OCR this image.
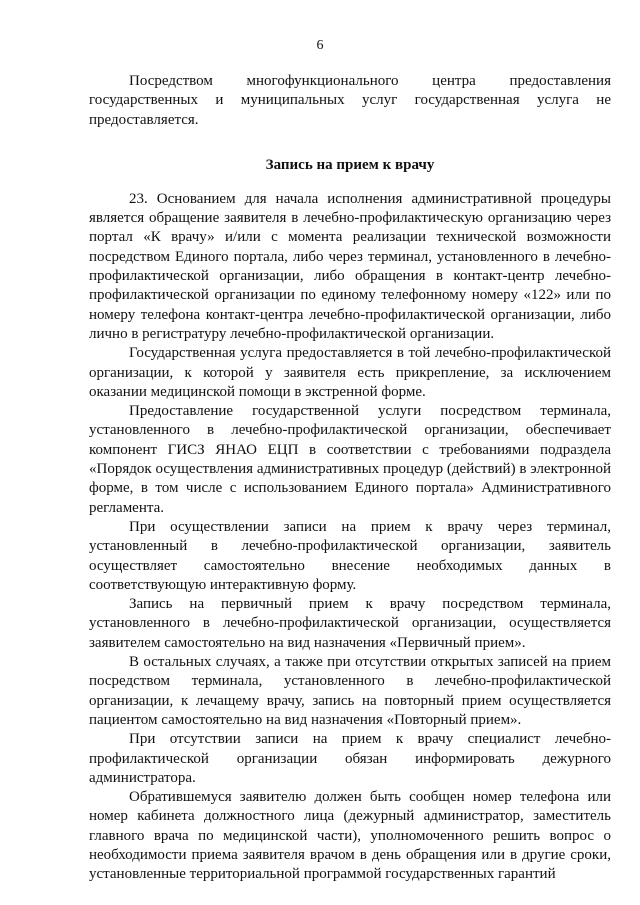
6

Посредством многофункционального центра предоставления государственных и муниципальных услуг государственная услуга не предоставляется.

Запись на прием к врачу

23. Основанием для начала исполнения административной процедуры является обращение заявителя в лечебно-профилактическую организацию через портал «К врачу» и/или с момента реализации технической возможности посредством Единого портала, либо через терминал, установленного в лечебно-профилактической организации, либо обращения в контакт-центр лечебно-профилактической организации по единому телефонному номеру «122» или по номеру телефона контакт-центра лечебно-профилактической организации, либо лично в регистратуру лечебно-профилактической организации.

Государственная услуга предоставляется в той лечебно-профилактической организации, к которой у заявителя есть прикрепление, за исключением оказании медицинской помощи в экстренной форме.

Предоставление государственной услуги посредством терминала, установленного в лечебно-профилактической организации, обеспечивает компонент ГИСЗ ЯНАО ЕЦП в соответствии с требованиями подраздела «Порядок осуществления административных процедур (действий) в электронной форме, в том числе с использованием Единого портала» Административного регламента.

При осуществлении записи на прием к врачу через терминал, установленный в лечебно-профилактической организации, заявитель осуществляет самостоятельно внесение необходимых данных в соответствующую интерактивную форму.

Запись на первичный прием к врачу посредством терминала, установленного в лечебно-профилактической организации, осуществляется заявителем самостоятельно на вид назначения «Первичный прием».

В остальных случаях, а также при отсутствии открытых записей на прием посредством терминала, установленного в лечебно-профилактической организации, к лечащему врачу, запись на повторный прием осуществляется пациентом самостоятельно на вид назначения «Повторный прием».

При отсутствии записи на прием к врачу специалист лечебно-профилактической организации обязан информировать дежурного администратора.

Обратившемуся заявителю должен быть сообщен номер телефона или номер кабинета должностного лица (дежурный администратор, заместитель главного врача по медицинской части), уполномоченного решить вопрос о необходимости приема заявителя врачом в день обращения или в другие сроки, установленные территориальной программой государственных гарантий
